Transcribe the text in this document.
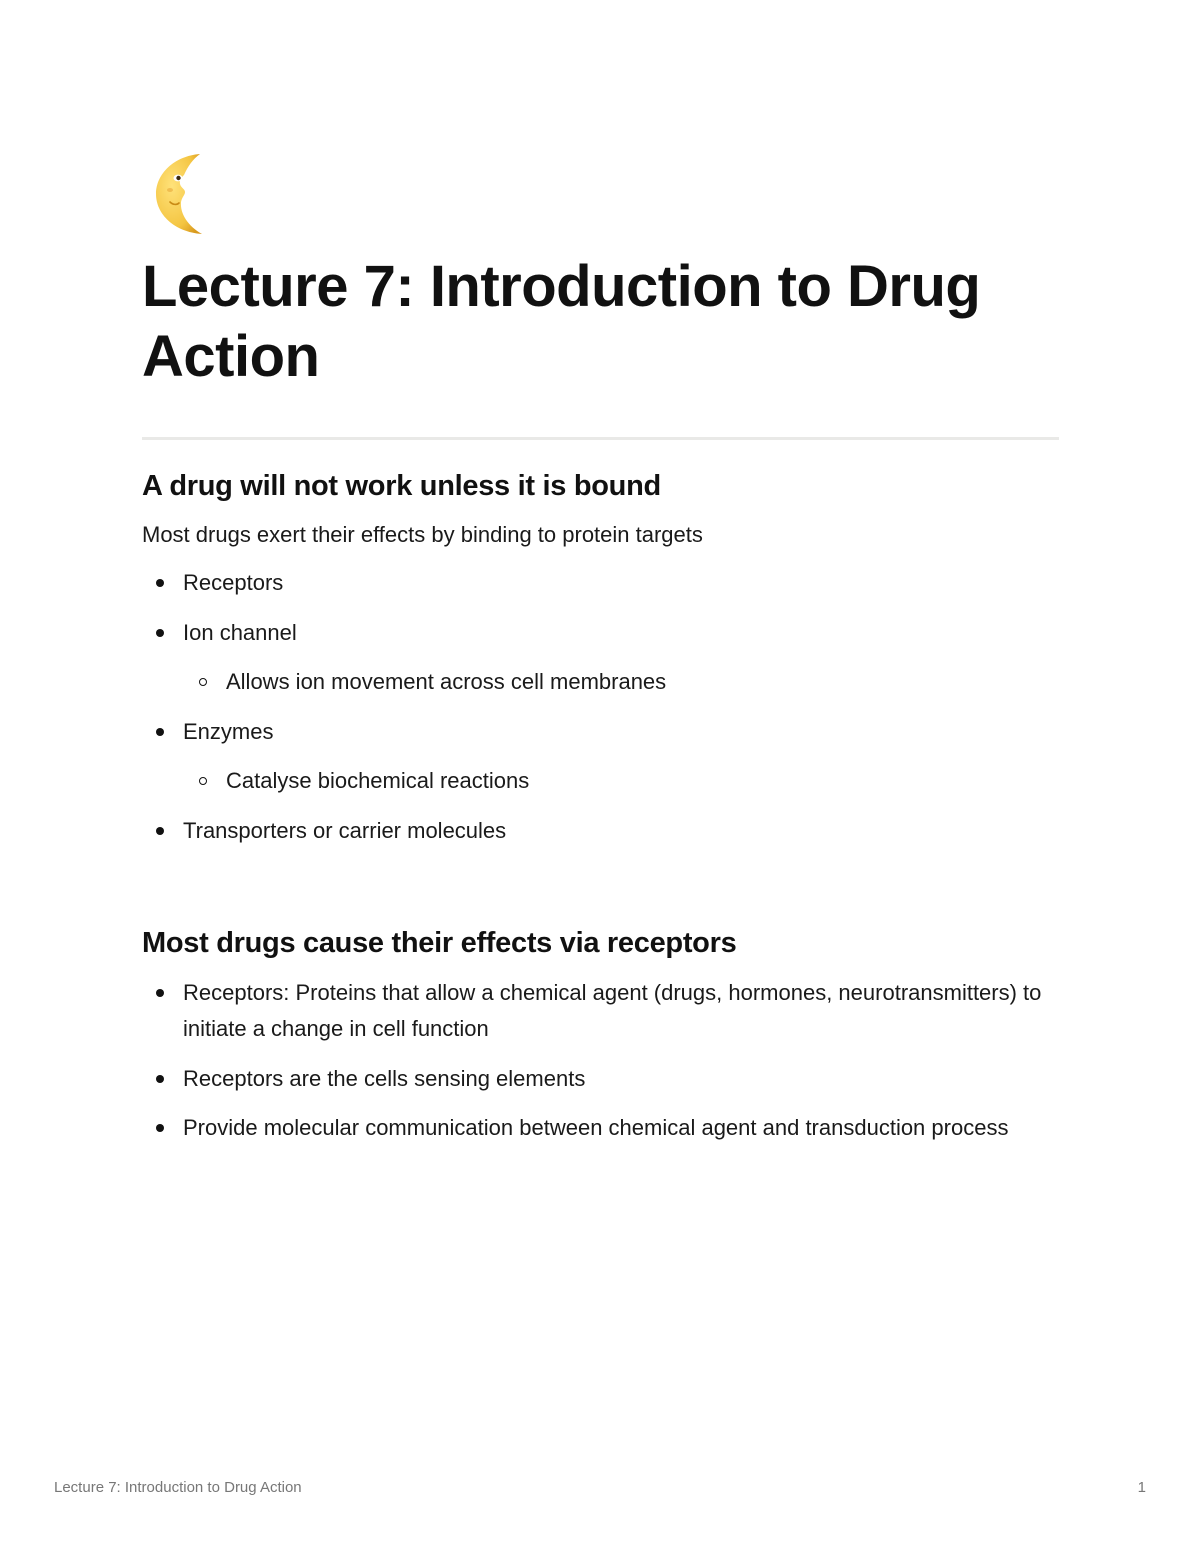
Lecture 7: Introduction to Drug Action
A drug will not work unless it is bound

Most drugs exert their effects by binding to protein targets

Receptors
Ion channel
Allows ion movement across cell membranes
Enzymes
Catalyse biochemical reactions
Transporters or carrier molecules
Most drugs cause their effects via receptors
Receptors: Proteins that allow a chemical agent (drugs, hormones, neurotransmitters) to initiate a change in cell function
Receptors are the cells sensing elements
Provide molecular communication between chemical agent and transduction process
Lecture 7: Introduction to Drug Action	1
